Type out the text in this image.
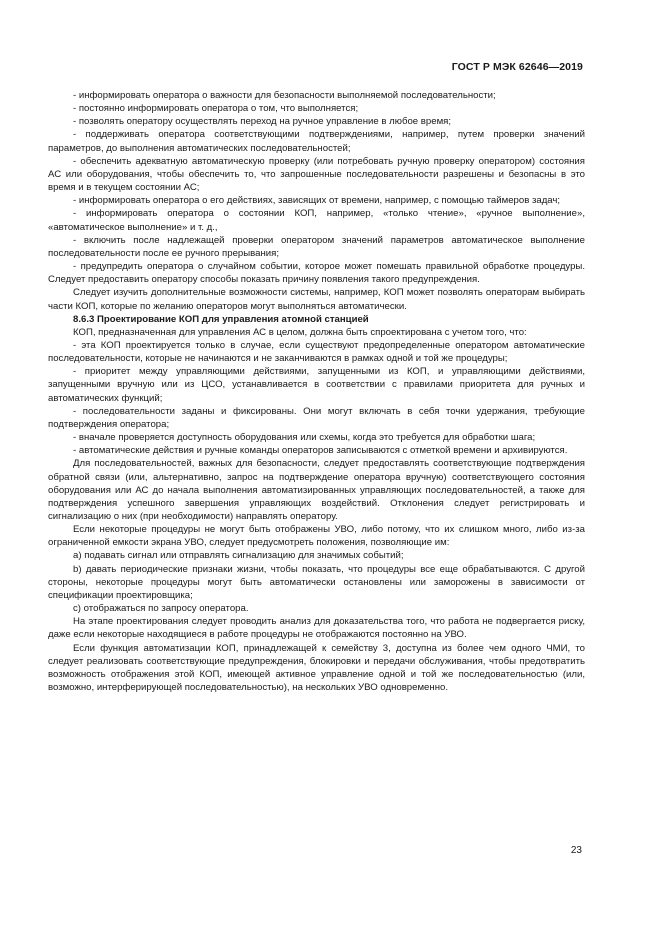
ГОСТ Р МЭК 62646—2019

- информировать оператора о важности для безопасности выполняемой последовательности;

- постоянно информировать оператора о том, что выполняется;

- позволять оператору осуществлять переход на ручное управление в любое время;

- поддерживать оператора соответствующими подтверждениями, например, путем проверки значений параметров, до выполнения автоматических последовательностей;

- обеспечить адекватную автоматическую проверку (или потребовать ручную проверку оператором) состояния АС или оборудования, чтобы обеспечить то, что запрошенные последовательности разрешены и безопасны в это время и в текущем состоянии АС;

- информировать оператора о его действиях, зависящих от времени, например, с помощью таймеров задач;

- информировать оператора о состоянии КОП, например, «только чтение», «ручное выполнение», «автоматическое выполнение» и т. д.,

- включить после надлежащей проверки оператором значений параметров автоматическое выполнение последовательности после ее ручного прерывания;

- предупредить оператора о случайном событии, которое может помешать правильной обработке процедуры. Следует предоставить оператору способы показать причину появления такого предупреждения.

Следует изучить дополнительные возможности системы, например, КОП может позволять операторам выбирать части КОП, которые по желанию операторов могут выполняться автоматически.

8.6.3 Проектирование КОП для управления атомной станцией

КОП, предназначенная для управления АС в целом, должна быть спроектирована с учетом того, что:

- эта КОП проектируется только в случае, если существуют предопределенные оператором автоматические последовательности, которые не начинаются и не заканчиваются в рамках одной и той же процедуры;

- приоритет между управляющими действиями, запущенными из КОП, и управляющими действиями, запущенными вручную или из ЦСО, устанавливается в соответствии с правилами приоритета для ручных и автоматических функций;

- последовательности заданы и фиксированы. Они могут включать в себя точки удержания, требующие подтверждения оператора;

- вначале проверяется доступность оборудования или схемы, когда это требуется для обработки шага;

- автоматические действия и ручные команды операторов записываются с отметкой времени и архивируются.

Для последовательностей, важных для безопасности, следует предоставлять соответствующие подтверждения обратной связи (или, альтернативно, запрос на подтверждение оператора вручную) соответствующего состояния оборудования или АС до начала выполнения автоматизированных управляющих последовательностей, а также для подтверждения успешного завершения управляющих воздействий. Отклонения следует регистрировать и сигнализацию о них (при необходимости) направлять оператору.

Если некоторые процедуры не могут быть отображены УВО, либо потому, что их слишком много, либо из-за ограниченной емкости экрана УВО, следует предусмотреть положения, позволяющие им:

а) подавать сигнал или отправлять сигнализацию для значимых событий;

b) давать периодические признаки жизни, чтобы показать, что процедуры все еще обрабатываются. С другой стороны, некоторые процедуры могут быть автоматически остановлены или заморожены в зависимости от спецификации проектировщика;

с) отображаться по запросу оператора.

На этапе проектирования следует проводить анализ для доказательства того, что работа не подвергается риску, даже если некоторые находящиеся в работе процедуры не отображаются постоянно на УВО.

Если функция автоматизации КОП, принадлежащей к семейству 3, доступна из более чем одного ЧМИ, то следует реализовать соответствующие предупреждения, блокировки и передачи обслуживания, чтобы предотвратить возможность отображения этой КОП, имеющей активное управление одной и той же последовательностью (или, возможно, интерферирующей последовательностью), на нескольких УВО одновременно.

23
